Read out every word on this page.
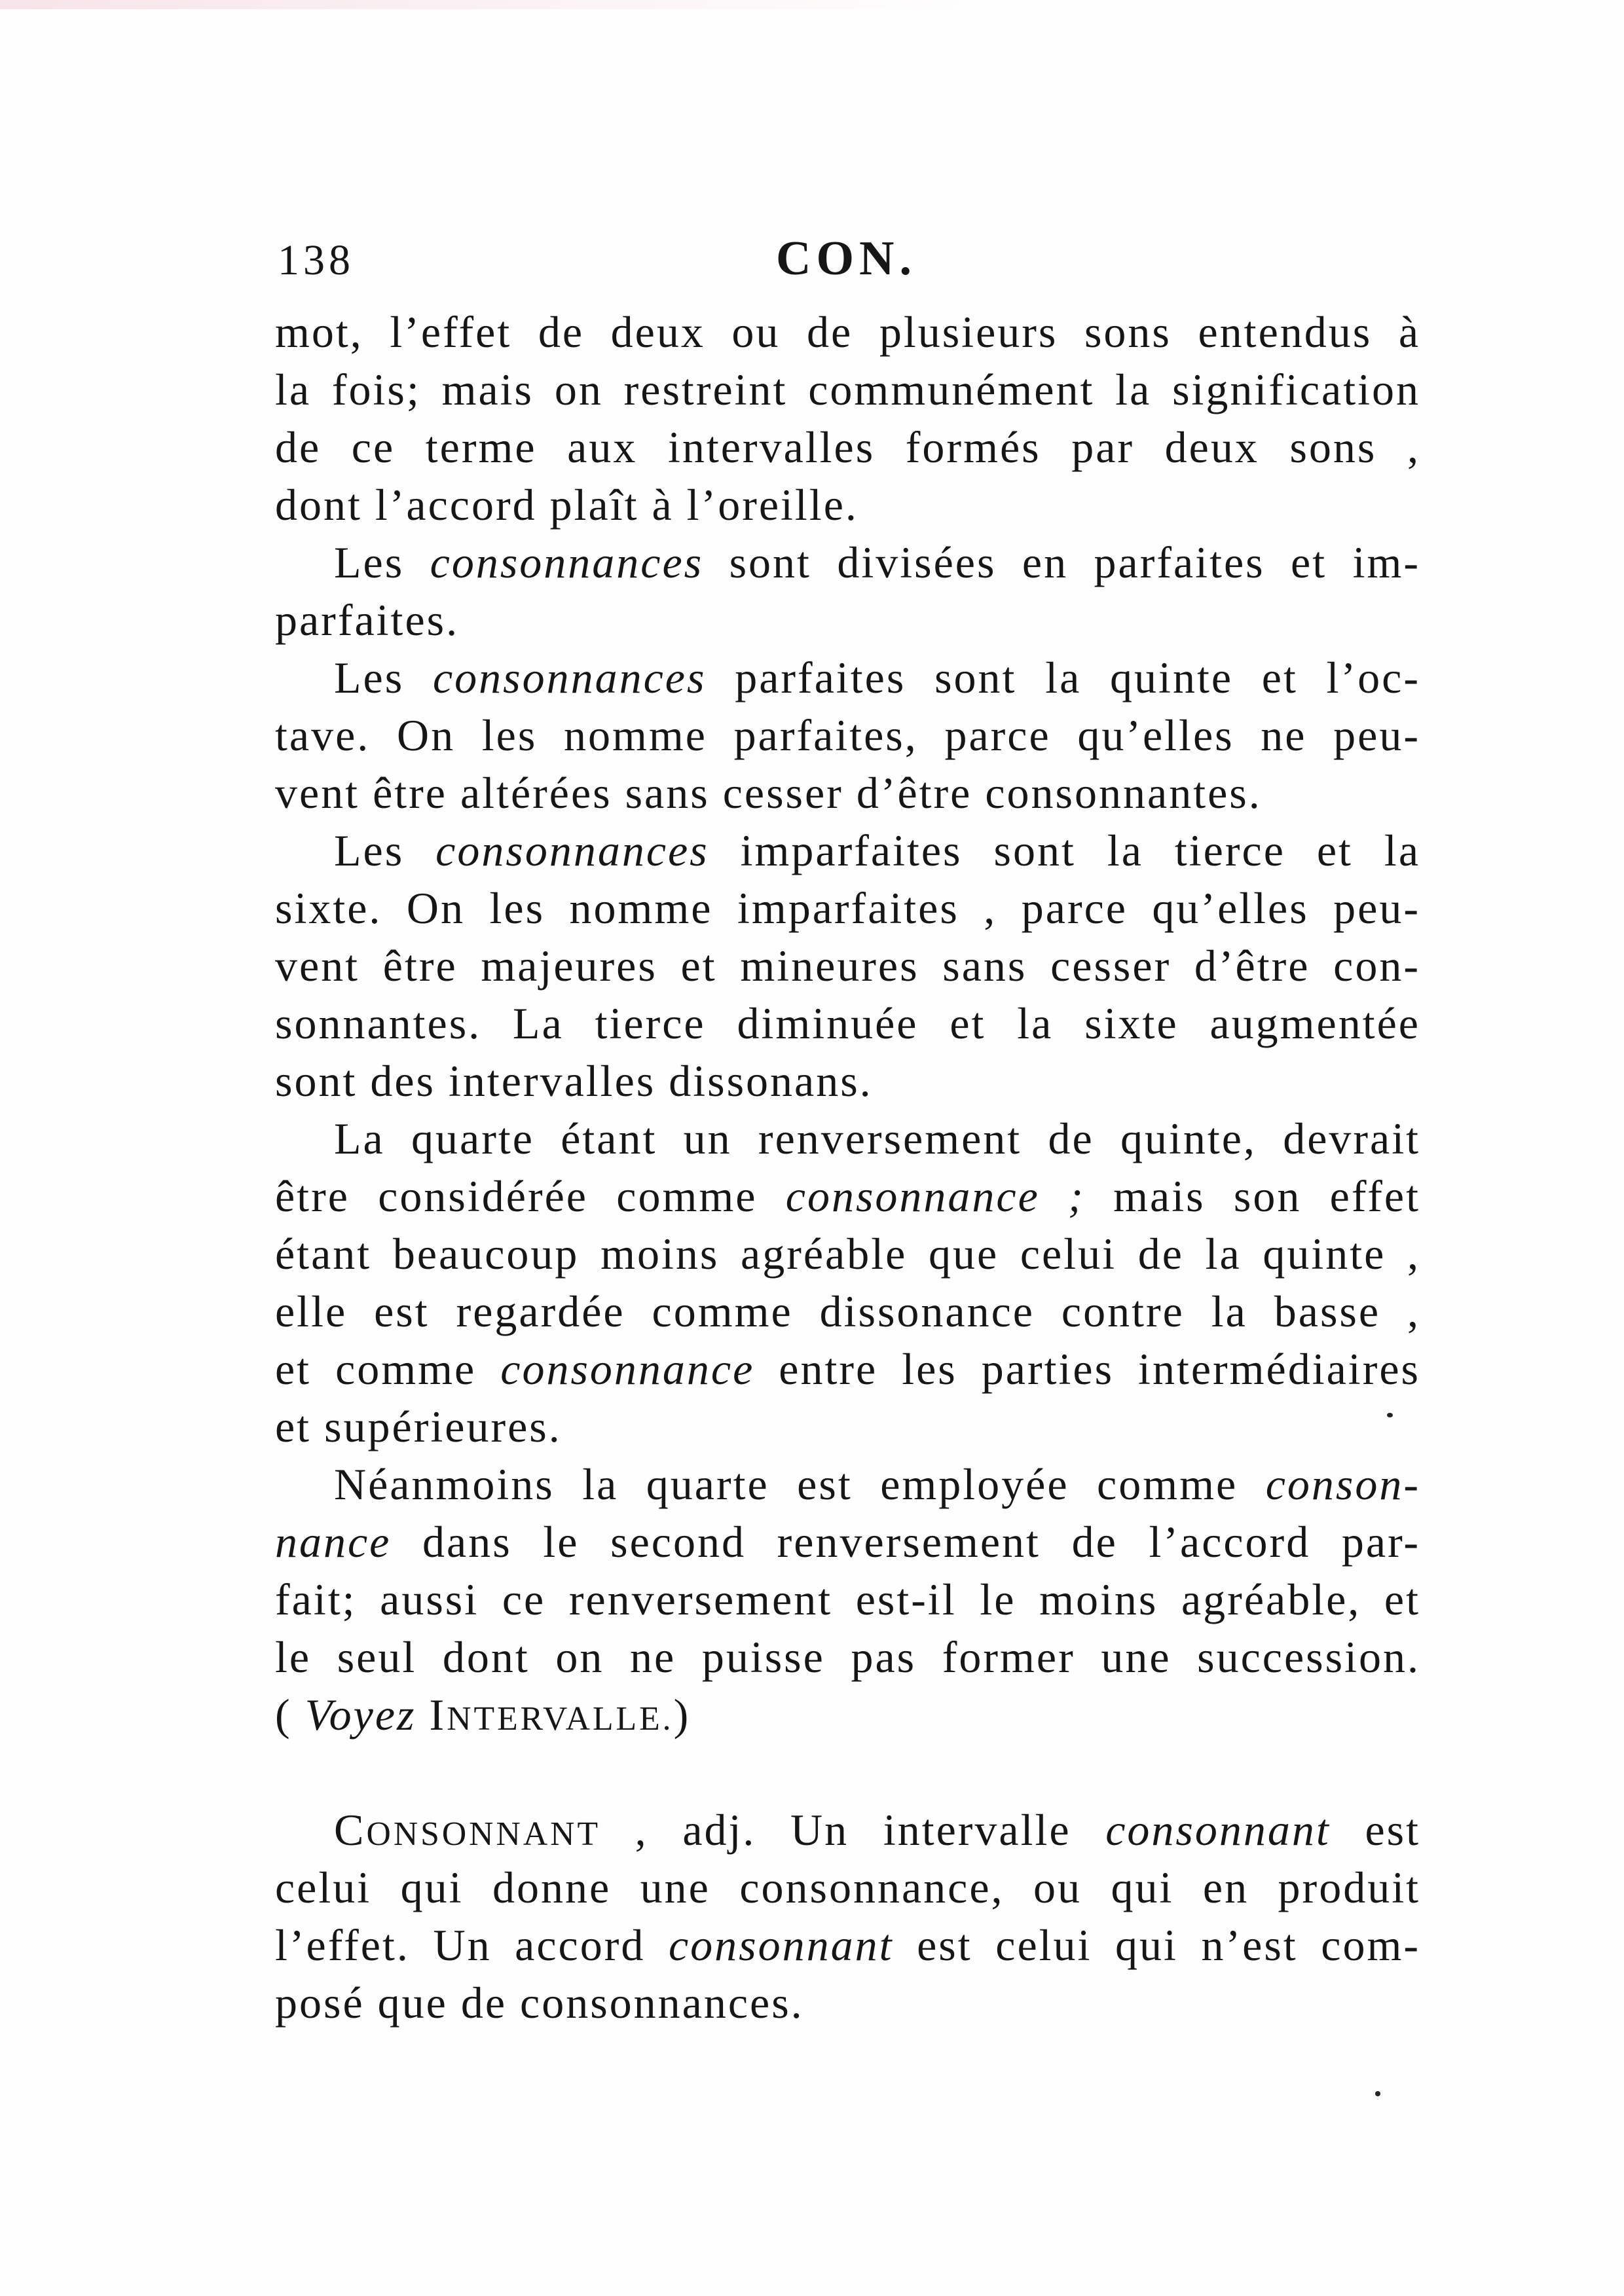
138	CON.
mot, l’effet de deux ou de plusieurs sons entendus à
la fois; mais on restreint communément la signification
de ce terme aux intervalles formés par deux sons ,
dont l’accord plaît à l’oreille.
Les consonnances sont divisées en parfaites et im-
parfaites.
Les consonnances parfaites sont la quinte et l’oc-
tave. On les nomme parfaites, parce qu’elles ne peu-
vent être altérées sans cesser d’être consonnantes.
Les consonnances imparfaites sont la tierce et la
sixte. On les nomme imparfaites , parce qu’elles peu-
vent être majeures et mineures sans cesser d’être con-
sonnantes. La tierce diminuée et la sixte augmentée
sont des intervalles dissonans.
La quarte étant un renversement de quinte, devrait
être considérée comme consonnance ; mais son effet
étant beaucoup moins agréable que celui de la quinte ,
elle est regardée comme dissonance contre la basse ,
et comme consonnance entre les parties intermédiaires
et supérieures.
Néanmoins la quarte est employée comme conson-
nance dans le second renversement de l’accord par-
fait; aussi ce renversement est-il le moins agréable, et
le seul dont on ne puisse pas former une succession.
( Voyez INTERVALLE.)
CONSONNANT , adj. Un intervalle consonnant est
celui qui donne une consonnance, ou qui en produit
l’effet. Un accord consonnant est celui qui n’est com-
posé que de consonnances.
